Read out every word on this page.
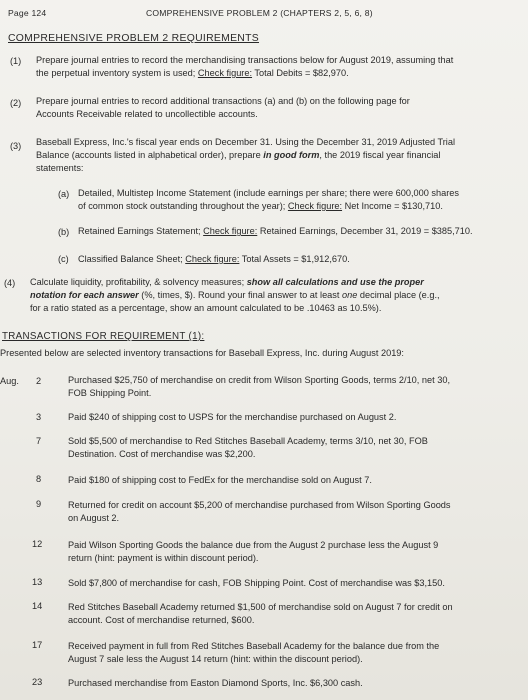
Page 124	COMPREHENSIVE PROBLEM 2 (CHAPTERS 2, 5, 6, 8)
COMPREHENSIVE PROBLEM 2 REQUIREMENTS
(1) Prepare journal entries to record the merchandising transactions below for August 2019, assuming that
the perpetual inventory system is used; Check figure: Total Debits = $82,970.
(2) Prepare journal entries to record additional transactions (a) and (b) on the following page for
Accounts Receivable related to uncollectible accounts.
(3) Baseball Express, Inc.'s fiscal year ends on December 31. Using the December 31, 2019 Adjusted Trial
Balance (accounts listed in alphabetical order), prepare in good form, the 2019 fiscal year financial
statements:
(a) Detailed, Multistep Income Statement (include earnings per share; there were 600,000 shares
of common stock outstanding throughout the year); Check figure: Net Income = $130,710.
(b) Retained Earnings Statement; Check figure: Retained Earnings, December 31, 2019 = $385,710.
(c) Classified Balance Sheet; Check figure: Total Assets = $1,912,670.
(4) Calculate liquidity, profitability, & solvency measures; show all calculations and use the proper
notation for each answer (%, times, $). Round your final answer to at least one decimal place (e.g.,
for a ratio stated as a percentage, show an amount calculated to be .10463 as 10.5%).
TRANSACTIONS FOR REQUIREMENT (1):
Presented below are selected inventory transactions for Baseball Express, Inc. during August 2019:
Aug. 2	Purchased $25,750 of merchandise on credit from Wilson Sporting Goods, terms 2/10, net 30,
FOB Shipping Point.
3	Paid $240 of shipping cost to USPS for the merchandise purchased on August 2.
7	Sold $5,500 of merchandise to Red Stitches Baseball Academy, terms 3/10, net 30, FOB
Destination. Cost of merchandise was $2,200.
8	Paid $180 of shipping cost to FedEx for the merchandise sold on August 7.
9	Returned for credit on account $5,200 of merchandise purchased from Wilson Sporting Goods
on August 2.
12	Paid Wilson Sporting Goods the balance due from the August 2 purchase less the August 9
return (hint: payment is within discount period).
13	Sold $7,800 of merchandise for cash, FOB Shipping Point. Cost of merchandise was $3,150.
14	Red Stitches Baseball Academy returned $1,500 of merchandise sold on August 7 for credit on
account. Cost of merchandise returned, $600.
17	Received payment in full from Red Stitches Baseball Academy for the balance due from the
August 7 sale less the August 14 return (hint: within the discount period).
23	Purchased merchandise from Easton Diamond Sports, Inc. $6,300 cash.
